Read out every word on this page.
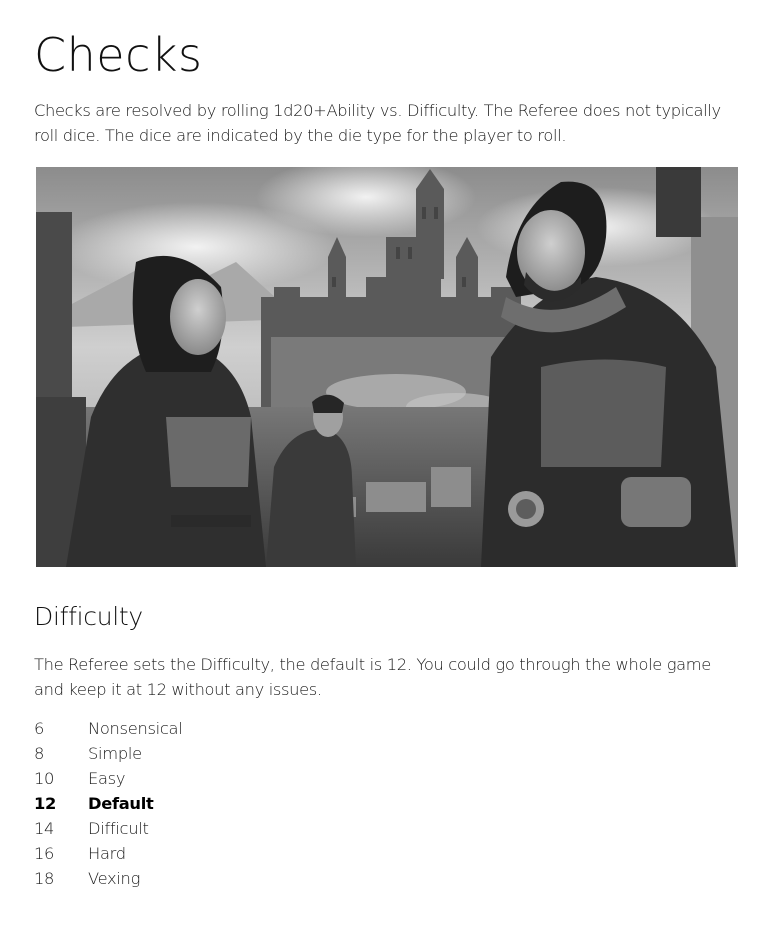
Checks

Checks are resolved by rolling 1d20+Ability vs. Difficulty. The Referee does not typically roll dice. The dice are indicated by the die type for the player to roll.

Difficulty

The Referee sets the Difficulty, the default is 12. You could go through the whole game and keep it at 12 without any issues.

6	Nonsensical
8	Simple
10 Easy
12 Default
14 Difficult
16 Hard
18 Vexing
